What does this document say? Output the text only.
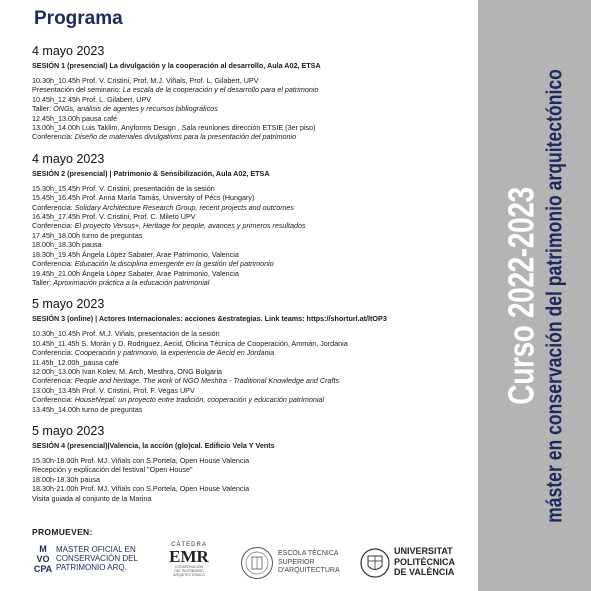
Programa

4 mayo 2023

SESIÓN 1 (presencial) La divulgación y la cooperación al desarrollo, Aula A02, ETSA

10.30h_10.45h Prof. V. Cristini, Prof. M.J. Viñals, Prof. L. Gilabert, UPV

Presentación del seminario: La escala de la cooperación y el desarrollo para el patrimonio

10.45h_12.45h Prof. L. Gilabert, UPV

Taller: ONGs, análisis de agentes y recursos bibliográficos

12.45h_13.00h pausa café

13.00h_14.00h Luis Taklim, Anyforms Design , Sala reuniones dirección ETSIE (3er piso)

Conferencia: Diseño de materiales divulgativos para la presentación del patrimonio

4 mayo 2023

SESIÓN 2 (presencial) | Patrimonio & Sensibilización, Aula A02, ETSA

15.30h_15.45h Prof. V. Cristini, presentación de la sesión

15.45h_16.45h Prof. Anna María Tamás, University of Pécs (Hungary)

Conferencia: Solidary Architecture Research Group, recent projects and outcomes

16.45h_17.45h Prof. V. Cristini, Prof. C. Mileto UPV

Conferencia: El proyecto Versus+, Heritage for people, avances y primeros resultados

17.45h_18.00h turno de preguntas

18.00h_18.30h pausa

18.30h_19.45h Ángela López Sabater, Arae Patrimonio, Valencia

Conferencia: Educación la disciplina emergente en la gestión del patrimonio

19.45h_21.00h Ángela López Sabater, Arae Patrimonio, Valencia

Taller: Aproximación práctica a la educación patrimonial

5 mayo 2023

SESIÓN 3 (online) | Actores Internacionales: acciones &estrategias. Link teams: https://shorturl.at/ltOP3

10.30h_10.45h Prof. M.J. Viñals, presentación de la sesión

10.45h_11.45h S. Morán y D. Rodriguez, Aecid, Oficina Técnica de Cooperación, Ammán, Jordania

Conferencia: Cooperación y patrimonio, la experiencia de Aecid en Jordania

11.45h_12.00h_pausa café

12.00h_13.00h Ivan Kolev, M. Arch, Mesthra, ONG Bulgaria

Conferencia: People and heritage. The work of NGO Meshtra - Traditional Knowledge and Crafts

13.00h_13.45h Prof. V. Cristini, Prof. F. Vegas UPV

Conferencia: HouseNepal: un proyecto entre tradición, cooperación y educación patrimonial

13.45h_14.00h turno de preguntas

5 mayo 2023

SESIÓN 4 (presencial)|Valencia, la acción (glo)cal. Edificio Vela Y Vents

15.30h-18.00h Prof. MJ. Viñals con S.Portela, Open House Valencia

Recepción y explicación del festival "Open House"

18.00h-18.30h pausa

18.30h-21.00h Prof. MJ. Viñals con S.Portela, Open House Valencia

Visita guiada al conjunto de la Marina

PROMUEVEN:
M
VO
CPA
MASTER OFICIAL EN
CONSERVACIÓN DEL
PATRIMONIO ARQ.
CÀTEDRA
EMR
CONSERVACIÓN
DEL PATRIMONIO
ARQUITECTÓNICO
ESCOLA TÈCNICA
SUPERIOR
D'ARQUITECTURA
UNIVERSITAT
POLITÈCNICA
DE VALÈNCIA
Curso 2022-2023 máster en conservación del patrimonio arquitectónico
